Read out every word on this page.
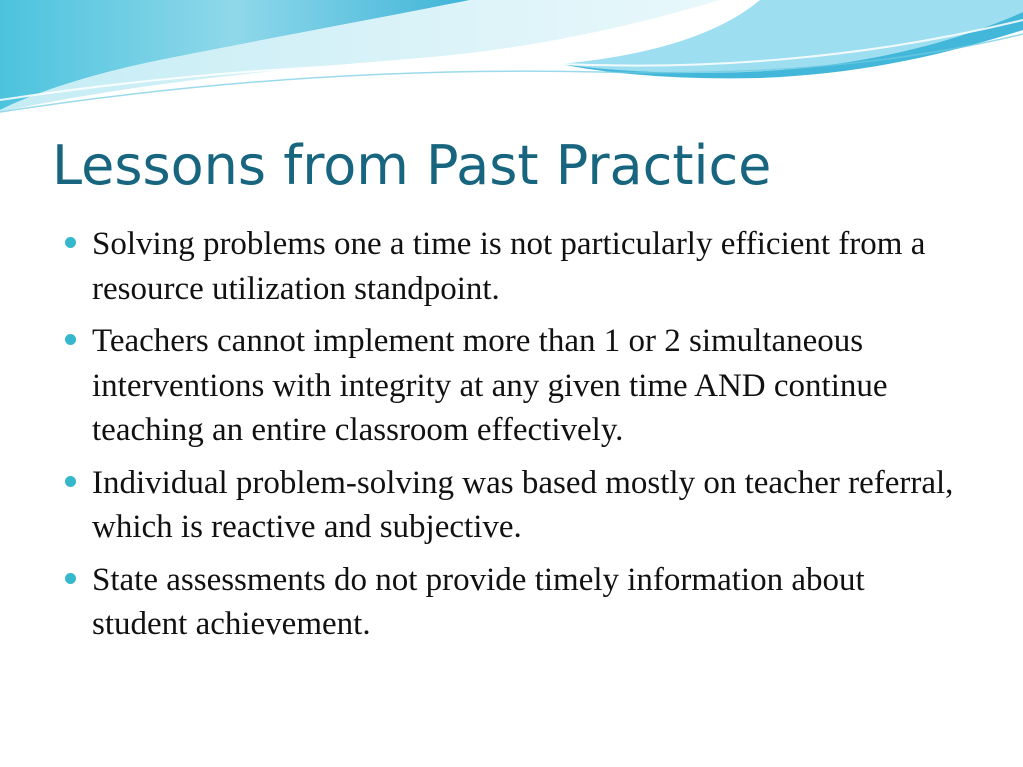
Lessons from Past Practice
Solving problems one a time is not particularly efficient from a resource utilization standpoint.
Teachers cannot implement more than 1 or 2 simultaneous interventions with integrity at any given time AND continue teaching an entire classroom effectively.
Individual problem-solving was based mostly on teacher referral, which is reactive and subjective.
State assessments do not provide timely information about student achievement.
